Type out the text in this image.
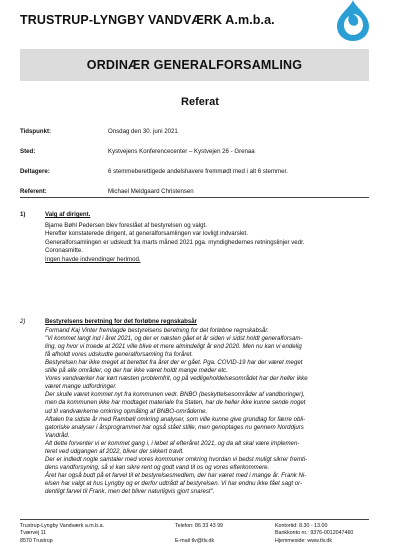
TRUSTRUP-LYNGBY VANDVÆRK A.m.b.a.
ORDINÆR GENERALFORSAMLING
Referat
Tidspunkt:	Onsdag den 30. juni 2021
Sted:	Kystvejens Konferencecenter – Kystvejen 26 - Grenaa
Deltagere:	6 stemmeberettigede andelshavere fremmødt med i alt 6 stemmer.
Referent:	Michael Meldgaard Christensen
1)	Valg af dirigent.
Bjarne Bøhl Pedersen blev foreslået af bestyrelsen og valgt.
Herefter konstaterede dirigent, at generalforsamlingen var lovligt indvarslet.
Generalforsamlingen er udskudt fra marts måned 2021 pga. myndighedernes retningslinjer vedr.
Coronasmitte.
Ingen havde indvendinger herimod.
2)	Bestyrelsens beretning for det forløbne regnskabsår
Formand Kaj Vinter fremlagde bestyrelsens beretning for det forløbne regnskabsår.
"Vi kommet langt ind i året 2021, og der er næsten gået et år siden vi sidst holdt generalforsam-
ling, og hvor vi troede at 2021 ville blive et mere almindeligt år end 2020. Men nu kan vi endelig
få afholdt vores udskudte generalforsamling fra foråret.
Bestyrelsen har ikke meget at berettet fra året der er gået. Pga. COVID-19 har der været meget
stille på alle områder, og der har ikke været holdt mange møder etc.
Vores vandværker har kørt næsten problemfrit, og på vedligeholdelsesområdet har der heller ikke
været mange udfordringer.
Der skulle været kommet nyt fra kommunen vedr. BNBO (beskyttelsesområder af vandboringer),
men da kommunen ikke har modtaget materiale fra Staten, har de heller ikke kunne sende noget
ud til vandværkerne omkring opmåling af BNBO-områderne.
Aftalen fra sidste år med Rambøll omkring analyser, som ville kunne give grundlag for færre obli-
gatoriske analyser i årsprogrammet har også stået stille, men genoptages nu gennem Norddjurs
Vandråd.
Alt dette forventer vi er kommet gang i, i løbet af efteråret 2021, og da alt skal være implemen-
teret ved udgangen af 2022, bliver der sikkert travlt.
Der er indledt nogle samtaler med vores kommuner omkring hvordan vi bedst muligt sikrer fremti-
dens vandforsyning, så vi kan sikre rent og godt vand til os og vores efterkommere.
Året har også budt på et farvel til et bestyrelsesmedlem, der har været med i mange år. Frank Ni-
elsen har valgt at hus Lyngby og er derfor udtrådt af bestyrelsen. Vi har endnu ikke fået sagt or-
dentligt farvel til Frank, men det bliver naturligvis gjort snarest".
Trustrup-Lyngby Vandværk a.m.b.a.
Tværvej 11
8570 Trustrup
Telefon: 86 33 43 99

E-mail tlv@tlv.dk
Kontortid: 8.30 - 13.00
Bankkonto nr.: 9376-0012047460
Hjemmeside: www.tlv.dk
